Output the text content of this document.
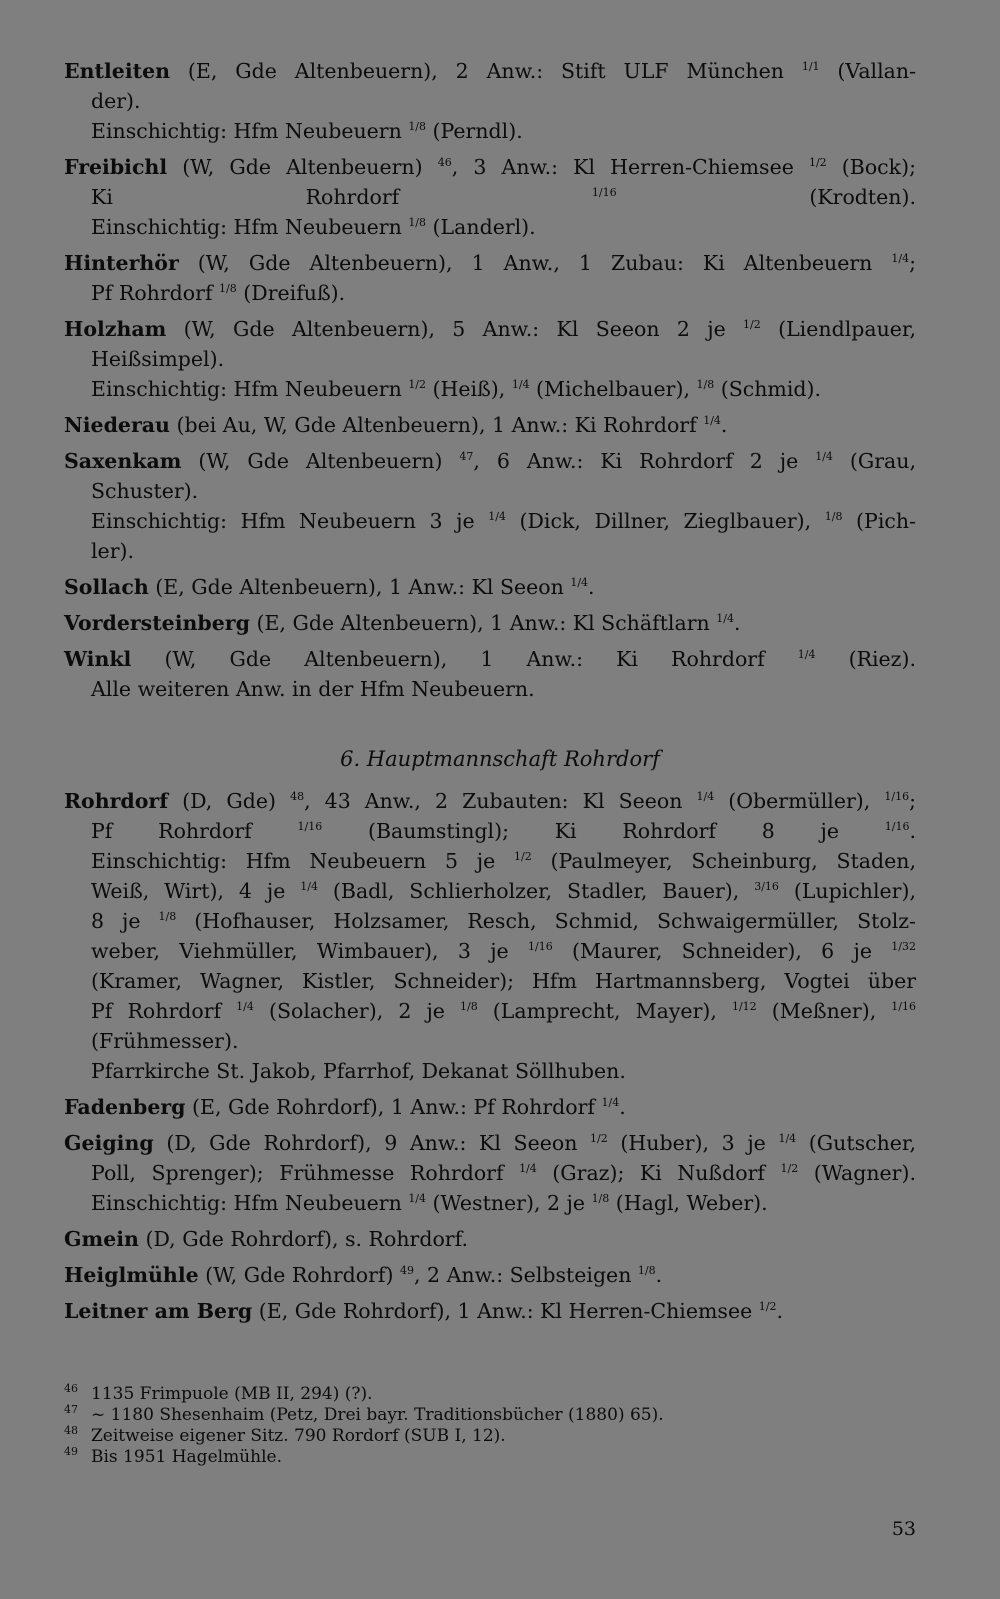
Entleiten (E, Gde Altenbeuern), 2 Anw.: Stift ULF München $^{1/1}$ (Vallan-
der).
Einschichtig: Hfm Neubeuern $^{1/8}$ (Perndl).
Freibichl (W, Gde Altenbeuern) $^{46}$, 3 Anw.: Kl Herren-Chiemsee $^{1/2}$ (Bock);
Ki Rohrdorf $^{1/16}$ (Krodten).
Einschichtig: Hfm Neubeuern $^{1/8}$ (Landerl).
Hinterhör (W, Gde Altenbeuern), 1 Anw., 1 Zubau: Ki Altenbeuern $^{1/4}$;
Pf Rohrdorf $^{1/8}$ (Dreifuß).
Holzham (W, Gde Altenbeuern), 5 Anw.: Kl Seeon 2 je $^{1/2}$ (Liendlpauer,
Heißsimpel).
Einschichtig: Hfm Neubeuern $^{1/2}$ (Heiß), $^{1/4}$ (Michelbauer), $^{1/8}$ (Schmid).
Niederau (bei Au, W, Gde Altenbeuern), 1 Anw.: Ki Rohrdorf $^{1/4}$.
Saxenkam (W, Gde Altenbeuern) $^{47}$, 6 Anw.: Ki Rohrdorf 2 je $^{1/4}$ (Grau,
Schuster).
Einschichtig: Hfm Neubeuern 3 je $^{1/4}$ (Dick, Dillner, Zieglbauer), $^{1/8}$ (Pich-
ler).
Sollach (E, Gde Altenbeuern), 1 Anw.: Kl Seeon $^{1/4}$.
Vordersteinberg (E, Gde Altenbeuern), 1 Anw.: Kl Schäftlarn $^{1/4}$.
Winkl (W, Gde Altenbeuern), 1 Anw.: Ki Rohrdorf $^{1/4}$ (Riez).
Alle weiteren Anw. in der Hfm Neubeuern.
6. Hauptmannschaft Rohrdorf
Rohrdorf (D, Gde) $^{48}$, 43 Anw., 2 Zubauten: Kl Seeon $^{1/4}$ (Obermüller), $^{1/16}$;
Pf Rohrdorf $^{1/16}$ (Baumstingl); Ki Rohrdorf 8 je $^{1/16}$.
Einschichtig: Hfm Neubeuern 5 je $^{1/2}$ (Paulmeyer, Scheinburg, Staden,
Weiß, Wirt), 4 je $^{1/4}$ (Badl, Schlierholzer, Stadler, Bauer), $^{3/16}$ (Lupichler),
8 je $^{1/8}$ (Hofhauser, Holzsamer, Resch, Schmid, Schwaigermüller, Stolz-
weber, Viehmüller, Wimbauer), 3 je $^{1/16}$ (Maurer, Schneider), 6 je $^{1/32}$
(Kramer, Wagner, Kistler, Schneider); Hfm Hartmannsberg, Vogtei über
Pf Rohrdorf $^{1/4}$ (Solacher), 2 je $^{1/8}$ (Lamprecht, Mayer), $^{1/12}$ (Meßner), $^{1/16}$
(Frühmesser).
Pfarrkirche St. Jakob, Pfarrhof, Dekanat Söllhuben.
Fadenberg (E, Gde Rohrdorf), 1 Anw.: Pf Rohrdorf $^{1/4}$.
Geiging (D, Gde Rohrdorf), 9 Anw.: Kl Seeon $^{1/2}$ (Huber), 3 je $^{1/4}$ (Gutscher,
Poll, Sprenger); Frühmesse Rohrdorf $^{1/4}$ (Graz); Ki Nußdorf $^{1/2}$ (Wagner).
Einschichtig: Hfm Neubeuern $^{1/4}$ (Westner), 2 je $^{1/8}$ (Hagl, Weber).
Gmein (D, Gde Rohrdorf), s. Rohrdorf.
Heiglmühle (W, Gde Rohrdorf) $^{49}$, 2 Anw.: Selbsteigen $^{1/8}$.
Leitner am Berg (E, Gde Rohrdorf), 1 Anw.: Kl Herren-Chiemsee $^{1/2}$.
46 1135 Frimpuole (MB II, 294) (?).
47 ~ 1180 Shesenhaim (Petz, Drei bayr. Traditionsbücher (1880) 65).
48 Zeitweise eigener Sitz. 790 Rordorf (SUB I, 12).
49 Bis 1951 Hagelmühle.
53
